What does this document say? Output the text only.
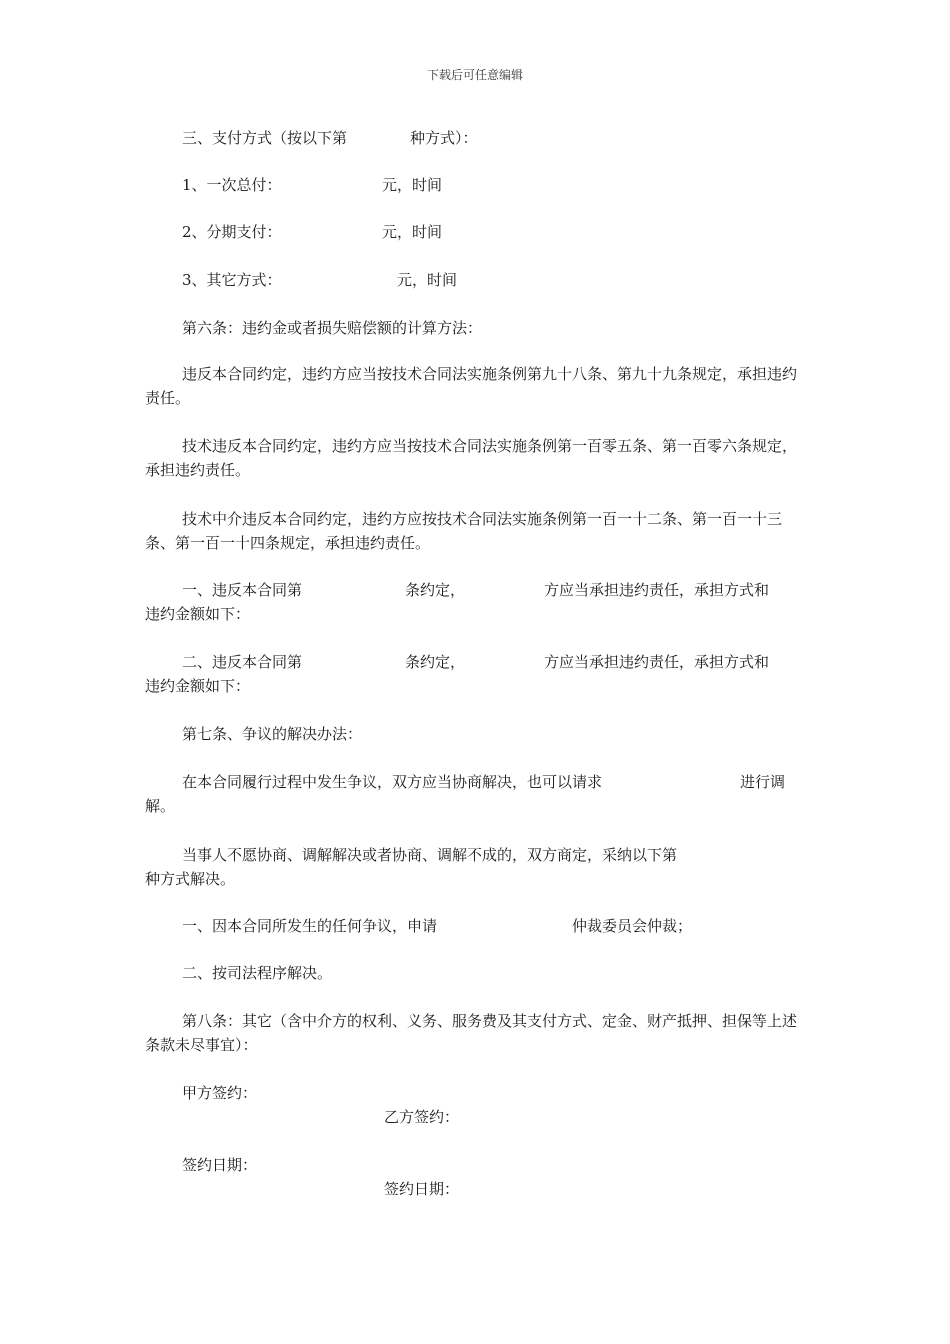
下载后可任意编辑
三、支付方式（按以下第	种方式）：
1、一次总付：	元，时间
2、分期支付：	元，时间
3、其它方式：	元，时间
第六条：违约金或者损失赔偿额的计算方法：
违反本合同约定，违约方应当按技术合同法实施条例第九十八条、第九十九条规定，承担违约责任。
技术违反本合同约定，违约方应当按技术合同法实施条例第一百零五条、第一百零六条规定，承担违约责任。
技术中介违反本合同约定，违约方应按技术合同法实施条例第一百一十二条、第一百一十三条、第一百一十四条规定，承担违约责任。
一、违反本合同第	条约定，	方应当承担违约责任，承担方式和
违约金额如下：
二、违反本合同第	条约定，	方应当承担违约责任，承担方式和
违约金额如下：
第七条、争议的解决办法：
在本合同履行过程中发生争议，双方应当协商解决，也可以请求	进行调
解。
当事人不愿协商、调解解决或者协商、调解不成的，双方商定，采纳以下第
种方式解决。
一、因本合同所发生的任何争议，申请	仲裁委员会仲裁；
二、按司法程序解决。
第八条：其它（含中介方的权利、义务、服务费及其支付方式、定金、财产抵押、担保等上述条款未尽事宜）：
甲方签约：
乙方签约：
签约日期：
签约日期：
